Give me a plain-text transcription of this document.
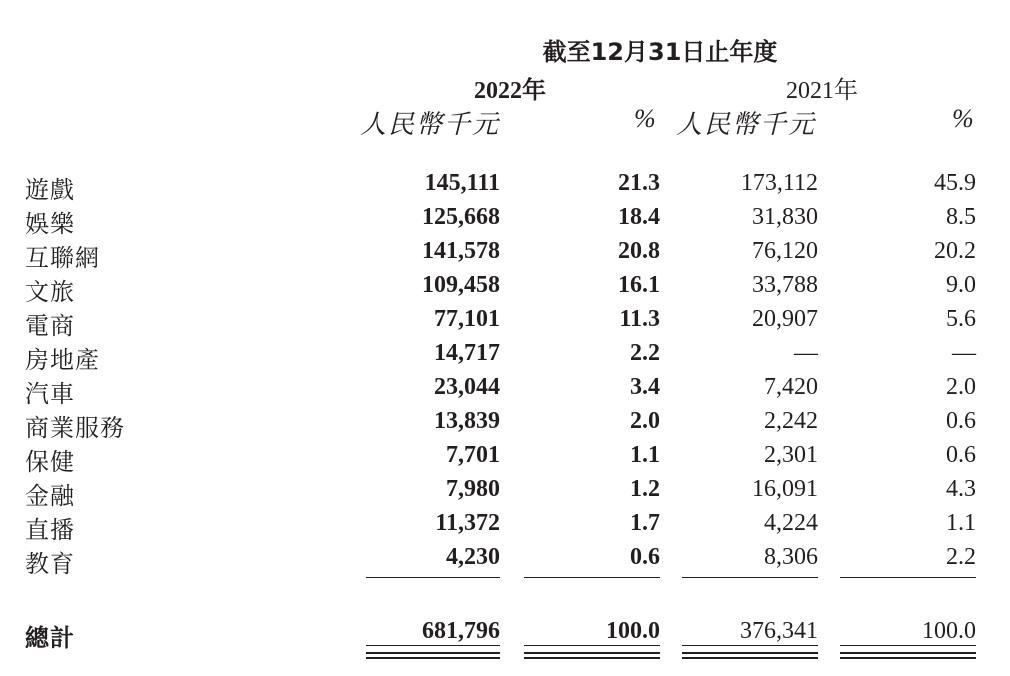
截至12月31日止年度
2022年	2021年
人民幣千元	% 人民幣千元	%
遊戲	145,111	21.3	173,112	45.9
娛樂	125,668	18.4	31,830	8.5
互聯網	141,578	20.8	76,120	20.2
文旅	109,458	16.1	33,788	9.0
電商	77,101	11.3	20,907	5.6
房地產	14,717	2.2	—	—
汽車	23,044	3.4	7,420	2.0
商業服務	13,839	2.0	2,242	0.6
保健	7,701	1.1	2,301	0.6
金融	7,980	1.2	16,091	4.3
直播	11,372	1.7	4,224	1.1
教育	4,230	0.6	8,306	2.2
總計	681,796	100.0	376,341	100.0
